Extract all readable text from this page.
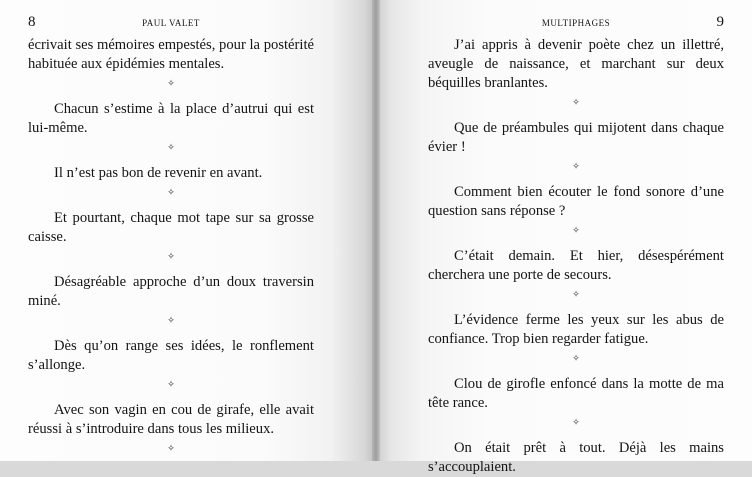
8	PAUL VALET

écrivait ses mémoires empestés, pour la postérité habituée aux épidémies mentales.

✧

Chacun s’estime à la place d’autrui qui est lui-même.

✧

Il n’est pas bon de revenir en avant.

✧

Et pourtant, chaque mot tape sur sa grosse caisse.

✧

Désagréable approche d’un doux traversin miné.

✧

Dès qu’on range ses idées, le ronflement s’allonge.

✧

Avec son vagin en cou de girafe, elle avait réussi à s’introduire dans tous les milieux.

✧
MULTIPHAGES	9

J’ai appris à devenir poète chez un illettré, aveugle de naissance, et marchant sur deux béquilles branlantes.

✧

Que de préambules qui mijotent dans chaque évier !

✧

Comment bien écouter le fond sonore d’une question sans réponse ?

✧

C’était demain. Et hier, désespérément cherchera une porte de secours.

✧

L’évidence ferme les yeux sur les abus de confiance. Trop bien regarder fatigue.

✧

Clou de girofle enfoncé dans la motte de ma tête rance.

✧

On était prêt à tout. Déjà les mains s’accouplaient.
